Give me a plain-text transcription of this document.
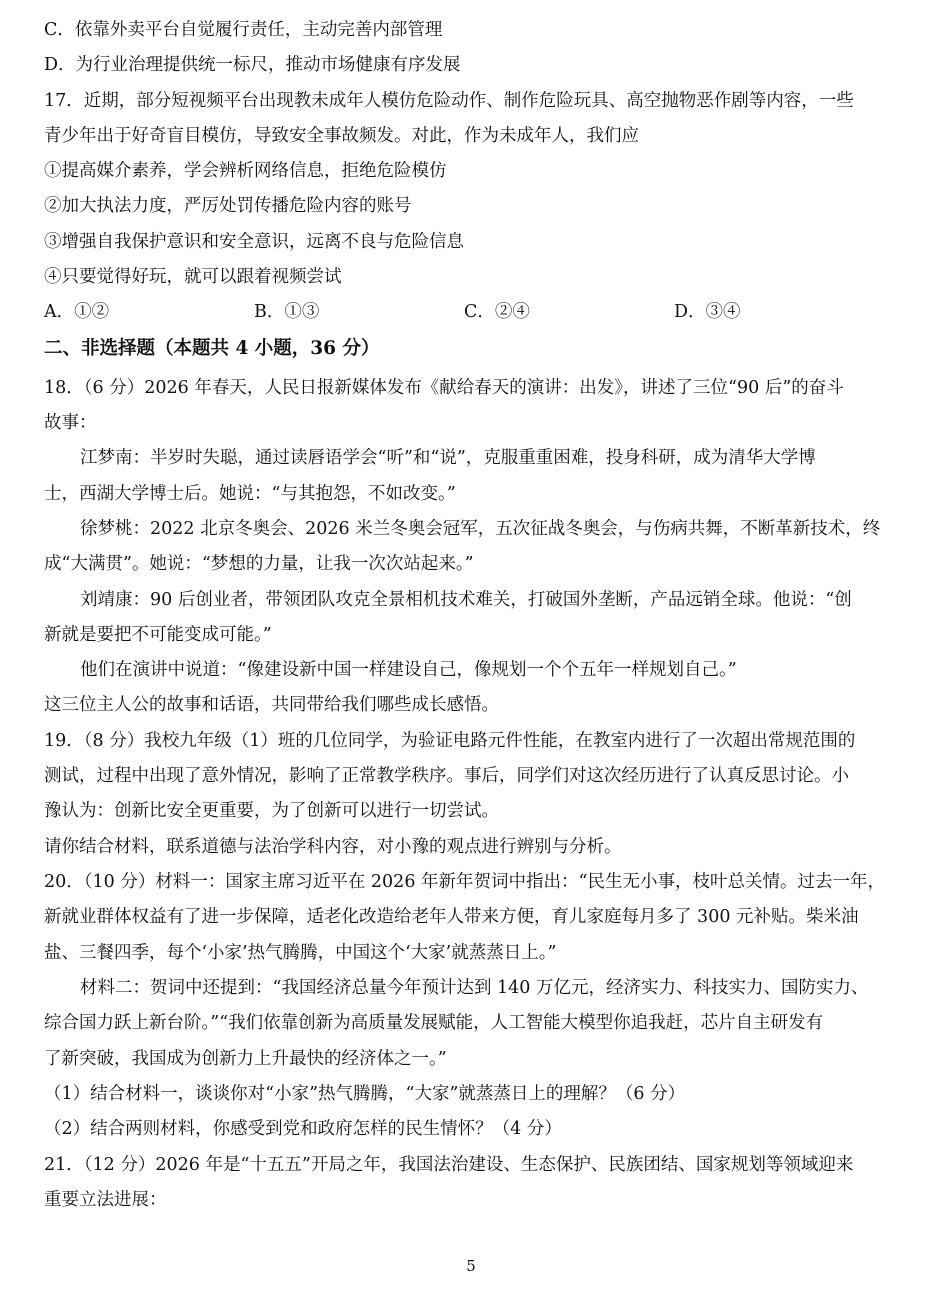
C．依靠外卖平台自觉履行责任，主动完善内部管理
D．为行业治理提供统一标尺，推动市场健康有序发展
17．近期，部分短视频平台出现教未成年人模仿危险动作、制作危险玩具、高空抛物恶作剧等内容，一些
青少年出于好奇盲目模仿，导致安全事故频发。对此，作为未成年人，我们应
①提高媒介素养，学会辨析网络信息，拒绝危险模仿
②加大执法力度，严厉处罚传播危险内容的账号
③增强自我保护意识和安全意识，远离不良与危险信息
④只要觉得好玩，就可以跟着视频尝试
A．①②	B．①③	C．②④	D．③④
二、非选择题（本题共 4 小题，36 分）
18．（6 分）2026 年春天，人民日报新媒体发布《献给春天的演讲：出发》，讲述了三位“90 后”的奋斗
故事：
江梦南：半岁时失聪，通过读唇语学会“听”和“说”，克服重重困难，投身科研，成为清华大学博
士，西湖大学博士后。她说：“与其抱怨，不如改变。”
徐梦桃：2022 北京冬奥会、2026 米兰冬奥会冠军，五次征战冬奥会，与伤病共舞，不断革新技术，终
成“大满贯”。她说：“梦想的力量，让我一次次站起来。”
刘靖康：90 后创业者，带领团队攻克全景相机技术难关，打破国外垄断，产品远销全球。他说：“创
新就是要把不可能变成可能。”
他们在演讲中说道：“像建设新中国一样建设自己，像规划一个个五年一样规划自己。”
这三位主人公的故事和话语，共同带给我们哪些成长感悟。
19．（8 分）我校九年级（1）班的几位同学，为验证电路元件性能，在教室内进行了一次超出常规范围的
测试，过程中出现了意外情况，影响了正常教学秩序。事后，同学们对这次经历进行了认真反思讨论。小
豫认为：创新比安全更重要，为了创新可以进行一切尝试。
请你结合材料，联系道德与法治学科内容，对小豫的观点进行辨别与分析。
20．（10 分）材料一：国家主席习近平在 2026 年新年贺词中指出：“民生无小事，枝叶总关情。过去一年，
新就业群体权益有了进一步保障，适老化改造给老年人带来方便，育儿家庭每月多了 300 元补贴。柴米油
盐、三餐四季，每个‘小家’热气腾腾，中国这个‘大家’就蒸蒸日上。”
材料二：贺词中还提到：“我国经济总量今年预计达到 140 万亿元，经济实力、科技实力、国防实力、
综合国力跃上新台阶。”“我们依靠创新为高质量发展赋能，人工智能大模型你追我赶，芯片自主研发有
了新突破，我国成为创新力上升最快的经济体之一。”
（1）结合材料一，谈谈你对“小家”热气腾腾，“大家”就蒸蒸日上的理解？（6 分）
（2）结合两则材料，你感受到党和政府怎样的民生情怀？（4 分）
21．（12 分）2026 年是“十五五”开局之年，我国法治建设、生态保护、民族团结、国家规划等领域迎来
重要立法进展：
5
